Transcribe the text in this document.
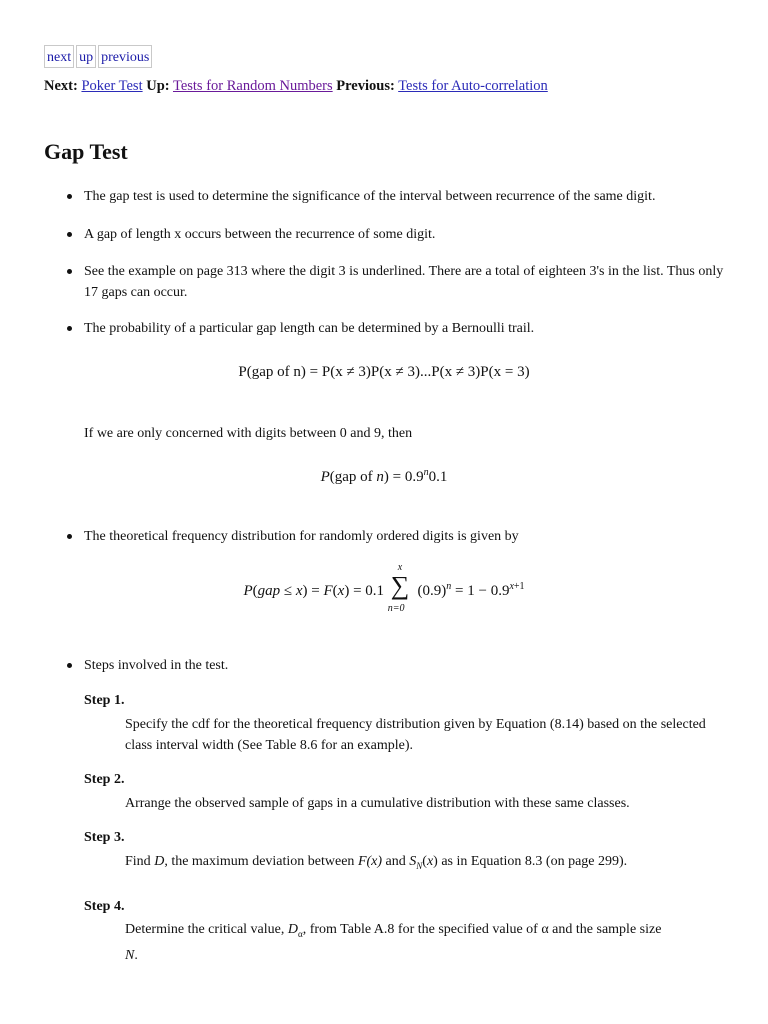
next up previous
Next: Poker Test Up: Tests for Random Numbers Previous: Tests for Auto-correlation
Gap Test
The gap test is used to determine the significance of the interval between recurrence of the same digit.
A gap of length x occurs between the recurrence of some digit.
See the example on page 313 where the digit 3 is underlined. There are a total of eighteen 3's in the list. Thus only 17 gaps can occur.
The probability of a particular gap length can be determined by a Bernoulli trail.
P(gap of n) = P(x ≠ 3)P(x ≠ 3)...P(x ≠ 3)P(x = 3)
If we are only concerned with digits between 0 and 9, then
P(gap of $n) = 0.9^n0.1$
The theoretical frequency distribution for randomly ordered digits is given by
P(gap ≤ x) = F(x) = 0.1
x
∑
n=0
$(0.9)^n = 1 - 0.9^{x+1}$
Steps involved in the test.
Step 1.
Specify the cdf for the theoretical frequency distribution given by Equation (8.14) based on the selected class interval width (See Table 8.6 for an example).
Step 2.
Arrange the observed sample of gaps in a cumulative distribution with these same classes.
Step 3.
Find D, the maximum deviation between F(x) and $S_N(x)$ as in Equation 8.3 (on page 299).
Step 4.
Determine the critical value, $D_\alpha$, from Table A.8 for the specified value of α and the sample size
N.
